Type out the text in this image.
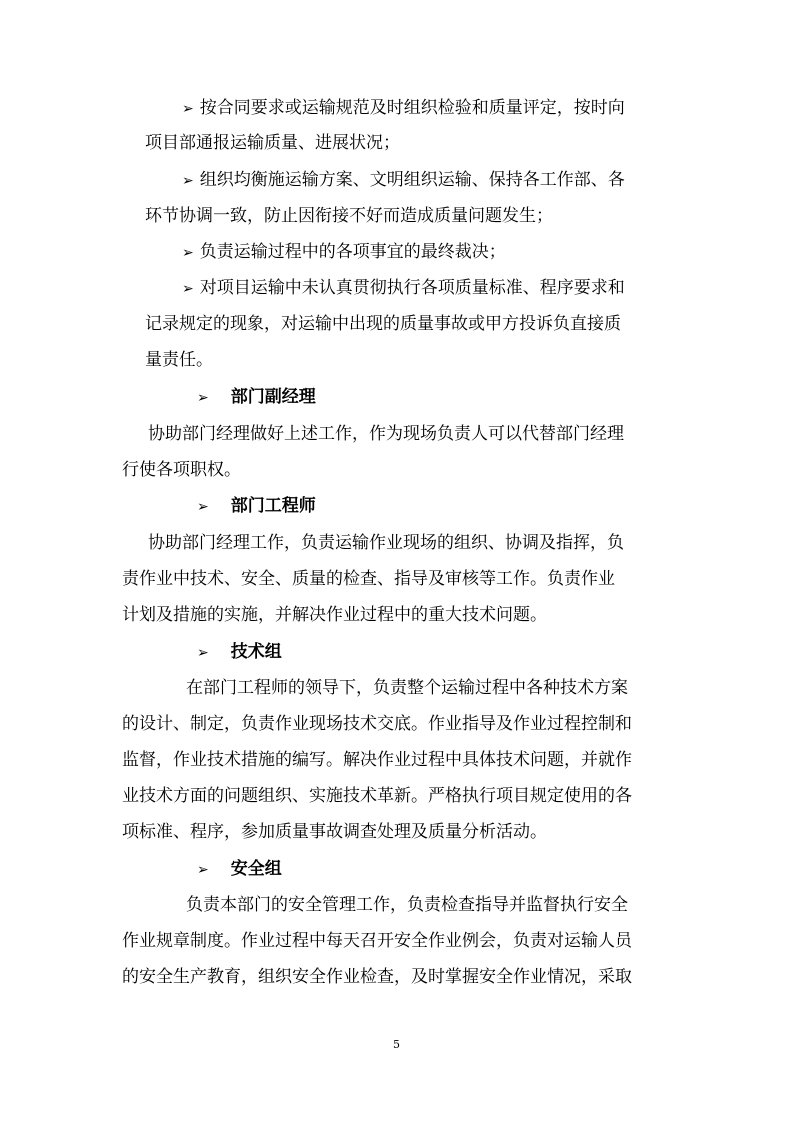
➢ 按合同要求或运输规范及时组织检验和质量评定，按时向
项目部通报运输质量、进展状况；
➢ 组织均衡施运输方案、文明组织运输、保持各工作部、各
环节协调一致，防止因衔接不好而造成质量问题发生；
➢ 负责运输过程中的各项事宜的最终裁决；
➢ 对项目运输中未认真贯彻执行各项质量标准、程序要求和
记录规定的现象，对运输中出现的质量事故或甲方投诉负直接质
量责任。
➢ 部门副经理
协助部门经理做好上述工作，作为现场负责人可以代替部门经理
行使各项职权。
➢ 部门工程师
协助部门经理工作，负责运输作业现场的组织、协调及指挥，负
责作业中技术、安全、质量的检查、指导及审核等工作。负责作业
计划及措施的实施，并解决作业过程中的重大技术问题。
➢ 技术组
在部门工程师的领导下，负责整个运输过程中各种技术方案
的设计、制定，负责作业现场技术交底。作业指导及作业过程控制和
监督，作业技术措施的编写。解决作业过程中具体技术问题，并就作
业技术方面的问题组织、实施技术革新。严格执行项目规定使用的各
项标准、程序，参加质量事故调查处理及质量分析活动。
➢ 安全组
负责本部门的安全管理工作，负责检查指导并监督执行安全
作业规章制度。作业过程中每天召开安全作业例会，负责对运输人员
的安全生产教育，组织安全作业检查，及时掌握安全作业情况，采取
5
